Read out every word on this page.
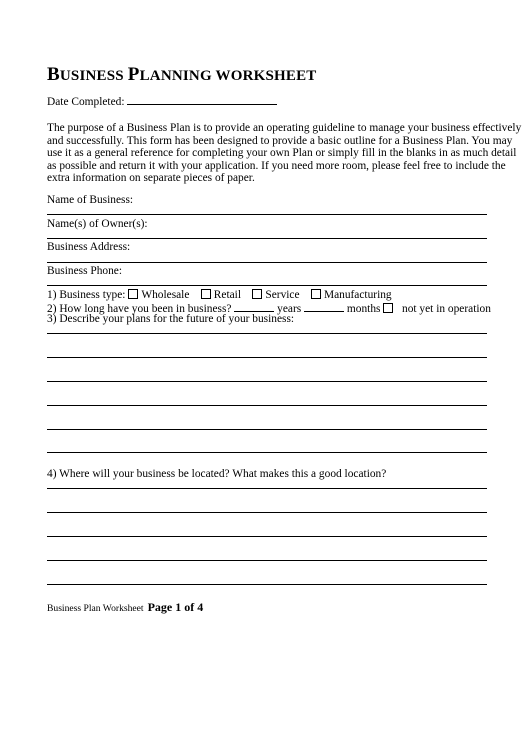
BUSINESS PLANNING WORKSHEET
Date Completed:
The purpose of a Business Plan is to provide an operating guideline to manage your business effectively
and successfully. This form has been designed to provide a basic outline for a Business Plan. You may
use it as a general reference for completing your own Plan or simply fill in the blanks in as much detail
as possible and return it with your application. If you need more room, please feel free to include the
extra information on separate pieces of paper.
Name of Business:
Name(s) of Owner(s):
Business Address:
Business Phone:
1) Business type: Wholesale Retail Service Manufacturing
2) How long have you been in business?	years	months not yet in operation
3) Describe your plans for the future of your business:
4) Where will your business be located? What makes this a good location?
Business Plan Worksheet Page 1 of 4
